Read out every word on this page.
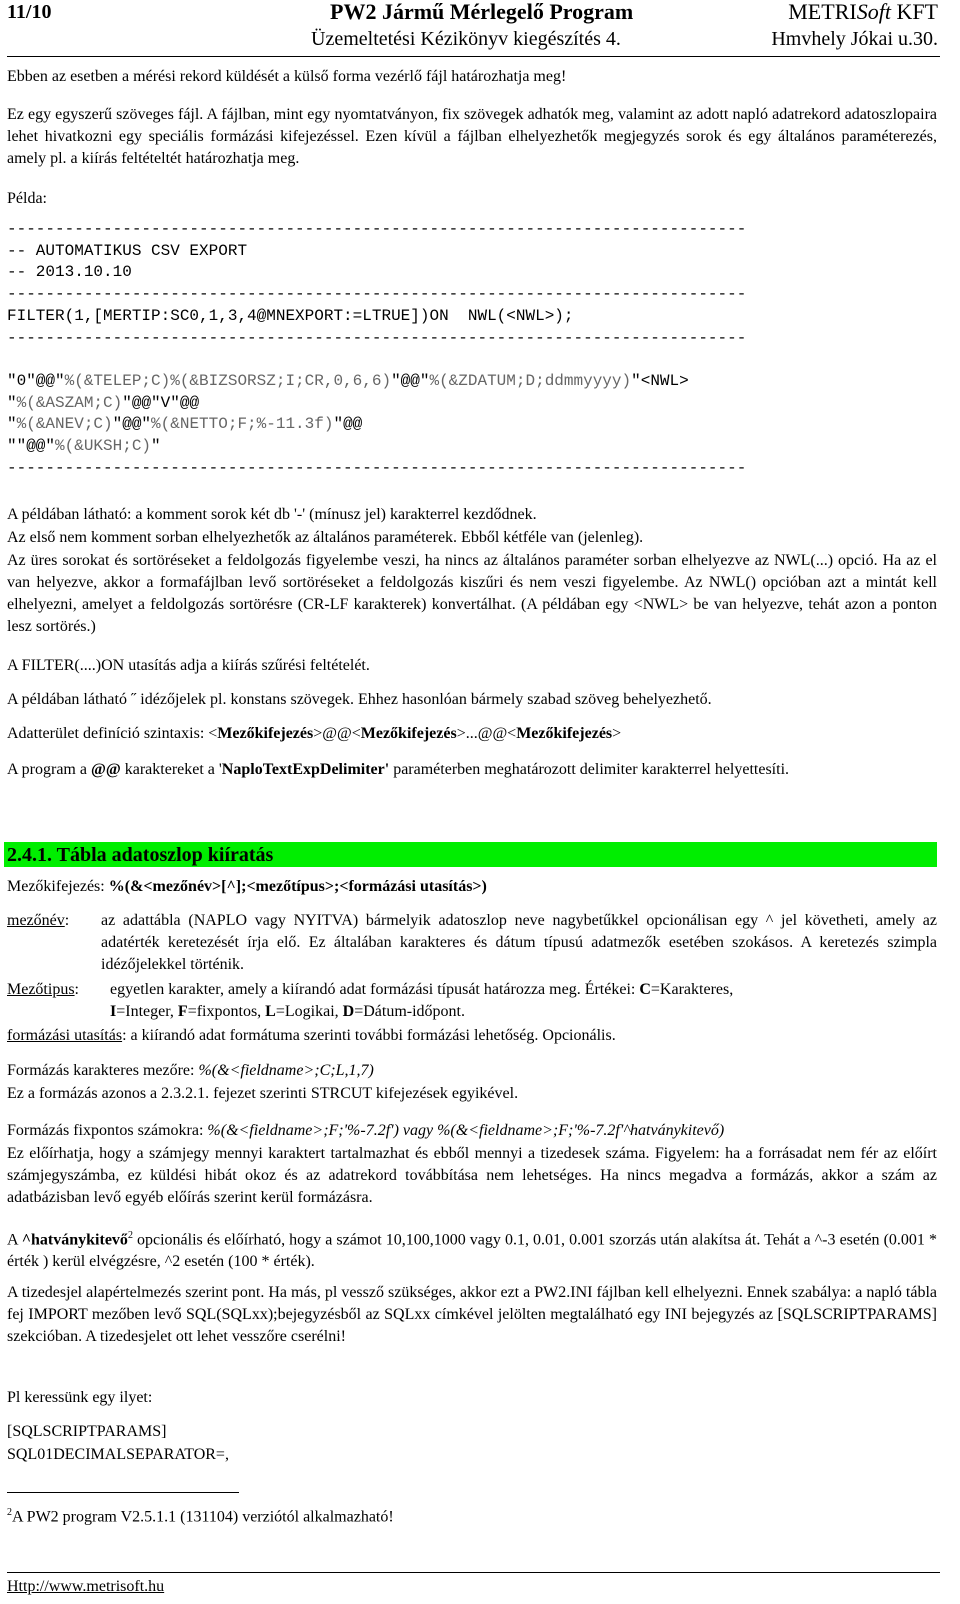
11/10	PW2 Jármű Mérlegelő Program	METRISoft KFT
Üzemeltetési Kézikönyv kiegészítés 4.	Hmvhely Jókai u.30.
Ebben az esetben a mérési rekord küldését a külső forma vezérlő fájl határozhatja meg!
Ez egy egyszerű szöveges fájl. A fájlban, mint egy nyomtatványon, fix szövegek adhatók meg, valamint az adott napló adatrekord adatoszlopaira lehet hivatkozni egy speciális formázási kifejezéssel. Ezen kívül a fájlban elhelyezhetők megjegyzés sorok és egy általános paraméterezés, amely pl. a kiírás feltételtét határozhatja meg.
Példa:
-----------------------------------------------------------------------------
-- AUTOMATIKUS CSV EXPORT
-- 2013.10.10
-----------------------------------------------------------------------------
FILTER(1,[MERTIP:SC0,1,3,4@MNEXPORT:=LTRUE])ON  NWL(<NWL>);
-----------------------------------------------------------------------------
"0"@@"%(&TELEP;C)%(&BIZSORSZ;I;CR,0,6,6)"@@"%(&ZDATUM;D;ddmmyyyy)"<NWL>
"%(&ASZAM;C)"@@"V"@@
"%(&ANEV;C)"@@"%(&NETTO;F;%-11.3f)"@@
""@@"%(&UKSH;C)"
-----------------------------------------------------------------------------
A példában látható: a komment sorok két db '-' (mínusz jel) karakterrel kezdődnek.
Az első nem komment sorban elhelyezhetők az általános paraméterek. Ebből kétféle van (jelenleg).
Az üres sorokat és sortöréseket a feldolgozás figyelembe veszi, ha nincs az általános paraméter sorban elhelyezve az NWL(...) opció. Ha az el van helyezve, akkor a formafájlban levő sortöréseket a feldolgozás kiszűri és nem veszi figyelembe. Az NWL() opcióban azt a mintát kell elhelyezni, amelyet a feldolgozás sortörésre (CR-LF karakterek) konvertálhat. (A példában egy <NWL> be van helyezve, tehát azon a ponton lesz sortörés.)
A FILTER(....)ON utasítás adja a kiírás szűrési feltételét.
A példában látható ˝ idézőjelek pl. konstans szövegek. Ehhez hasonlóan bármely szabad szöveg behelyezhető.
Adatterület definíció szintaxis: <Mezőkifejezés>@@<Mezőkifejezés>...@@<Mezőkifejezés>
A program a @@ karaktereket a 'NaploTextExpDelimiter' paraméterben meghatározott delimiter karakterrel helyettesíti.
2.4.1. Tábla adatoszlop kiíratás
Mezőkifejezés: %(&<mezőnév>[^];<mezőtípus>;<formázási utasítás>)
mezőnév: az adattábla (NAPLO vagy NYITVA) bármelyik adatoszlop neve nagybetűkkel opcionálisan egy ^ jel követheti, amely az adatérték keretezését írja elő. Ez általában karakteres és dátum típusú adatmezők esetében szokásos. A keretezés szimpla idézőjelekkel történik.
Mezőtipus: egyetlen karakter, amely a kiírandó adat formázási típusát határozza meg. Értékei: C=Karakteres,
I=Integer, F=fixpontos, L=Logikai, D=Dátum-időpont.
formázási utasítás: a kiírandó adat formátuma szerinti további formázási lehetőség. Opcionális.
Formázás karakteres mezőre: %(&<fieldname>;C;L,1,7)
Ez a formázás azonos a 2.3.2.1. fejezet szerinti STRCUT kifejezések egyikével.
Formázás fixpontos számokra: %(&<fieldname>;F;'%-7.2f') vagy %(&<fieldname>;F;'%-7.2f'^hatványkitevő)
Ez előírhatja, hogy a számjegy mennyi karaktert tartalmazhat és ebből mennyi a tizedesek száma. Figyelem: ha a forrásadat nem fér az előírt számjegyszámba, ez küldési hibát okoz és az adatrekord továbbítása nem lehetséges. Ha nincs megadva a formázás, akkor a szám az adatbázisban levő egyéb előírás szerint kerül formázásra.
A ^hatványkitevő$^2$ opcionális és előírható, hogy a számot 10,100,1000 vagy 0.1, 0.01, 0.001 szorzás után alakítsa át. Tehát a ^-3 esetén (0.001 * érték ) kerül elvégzésre, ^2 esetén (100 * érték).
A tizedesjel alapértelmezés szerint pont. Ha más, pl vessző szükséges, akkor ezt a PW2.INI fájlban kell elhelyezni. Ennek szabálya: a napló tábla fej IMPORT mezőben levő SQL(SQLxx);bejegyzésből az SQLxx címkével jelölten megtalálható egy INI bejegyzés az [SQLSCRIPTPARAMS] szekcióban. A tizedesjelet ott lehet vesszőre cserélni!
Pl keressünk egy ilyet:
[SQLSCRIPTPARAMS]
SQL01DECIMALSEPARATOR=,
$^2$A PW2 program V2.5.1.1 (131104) verziótól alkalmazható!
Http://www.metrisoft.hu
